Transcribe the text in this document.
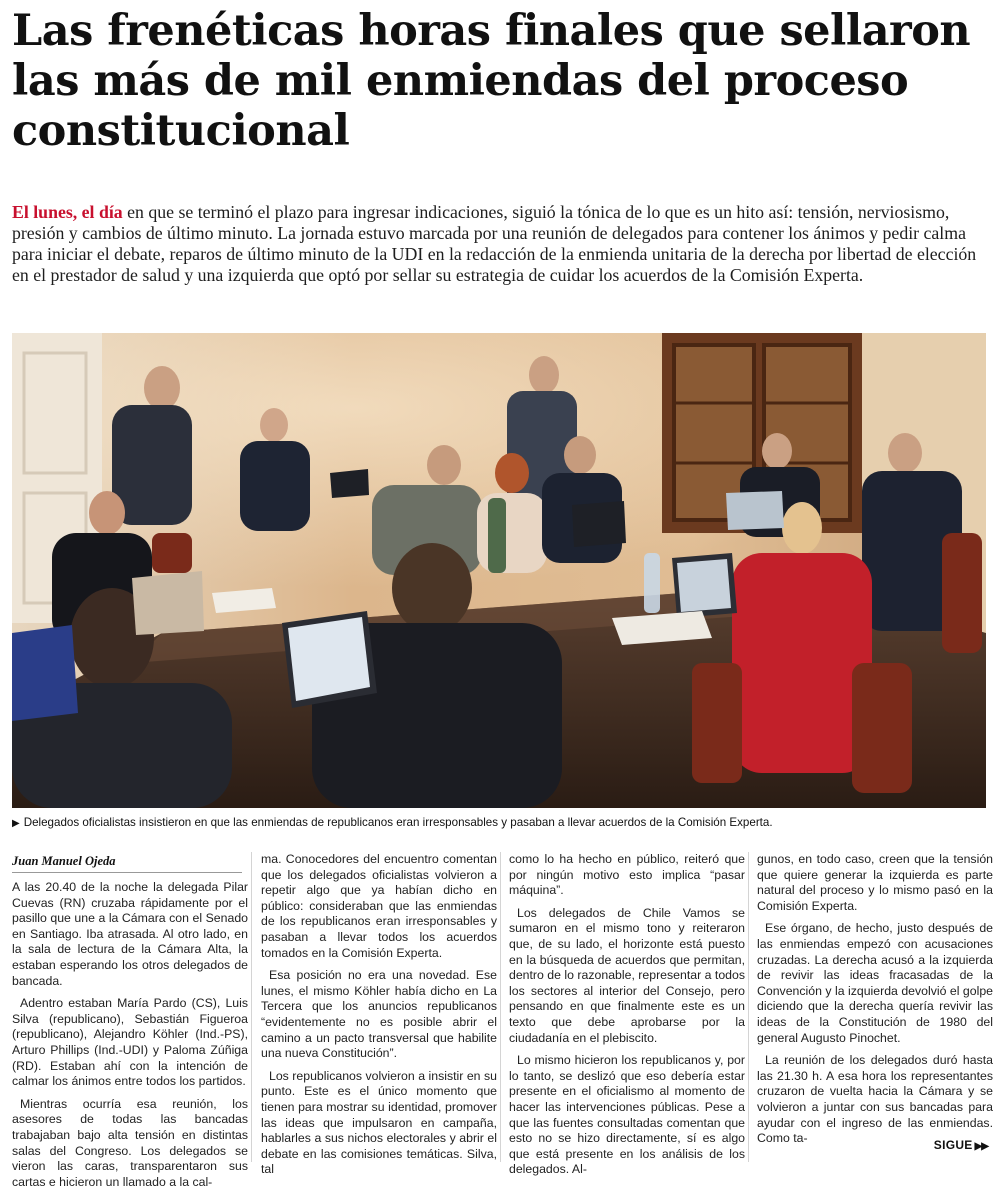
Las frenéticas horas finales que sellaron las más de mil enmiendas del proceso constitucional

El lunes, el día en que se terminó el plazo para ingresar indicaciones, siguió la tónica de lo que es un hito así: tensión, nerviosismo, presión y cambios de último minuto. La jornada estuvo marcada por una reunión de delegados para contener los ánimos y pedir calma para iniciar el debate, reparos de último minuto de la UDI en la redacción de la enmienda unitaria de la derecha por libertad de elección en el prestador de salud y una izquierda que optó por sellar su estrategia de cuidar los acuerdos de la Comisión Experta.

▶ Delegados oficialistas insistieron en que las enmiendas de republicanos eran irresponsables y pasaban a llevar acuerdos de la Comisión Experta.
Juan Manuel Ojeda

A las 20.40 de la noche la delegada Pilar Cuevas (RN) cruzaba rápidamente por el pasillo que une a la Cámara con el Senado en Santiago. Iba atrasada. Al otro lado, en la sala de lectura de la Cámara Alta, la estaban esperando los otros delegados de bancada.

Adentro estaban María Pardo (CS), Luis Silva (republicano), Sebastián Figueroa (republicano), Alejandro Köhler (Ind.-PS), Arturo Phillips (Ind.-UDI) y Paloma Zúñiga (RD). Estaban ahí con la intención de calmar los ánimos entre todos los partidos.

Mientras ocurría esa reunión, los asesores de todas las bancadas trabajaban bajo alta tensión en distintas salas del Congreso. Los delegados se vieron las caras, transparentaron sus cartas e hicieron un llamado a la cal-

ma. Conocedores del encuentro comentan que los delegados oficialistas volvieron a repetir algo que ya habían dicho en público: consideraban que las enmiendas de los republicanos eran irresponsables y pasaban a llevar todos los acuerdos tomados en la Comisión Experta.

Esa posición no era una novedad. Ese lunes, el mismo Köhler había dicho en La Tercera que los anuncios republicanos “evidentemente no es posible abrir el camino a un pacto transversal que habilite una nueva Constitución”.

Los republicanos volvieron a insistir en su punto. Este es el único momento que tienen para mostrar su identidad, promover las ideas que impulsaron en campaña, hablarles a sus nichos electorales y abrir el debate en las comisiones temáticas. Silva, tal

como lo ha hecho en público, reiteró que por ningún motivo esto implica “pasar máquina”.

Los delegados de Chile Vamos se sumaron en el mismo tono y reiteraron que, de su lado, el horizonte está puesto en la búsqueda de acuerdos que permitan, dentro de lo razonable, representar a todos los sectores al interior del Consejo, pero pensando en que finalmente este es un texto que debe aprobarse por la ciudadanía en el plebiscito.

Lo mismo hicieron los republicanos y, por lo tanto, se deslizó que eso debería estar presente en el oficialismo al momento de hacer las intervenciones públicas. Pese a que las fuentes consultadas comentan que esto no se hizo directamente, sí es algo que está presente en los análisis de los delegados. Al-

gunos, en todo caso, creen que la tensión que quiere generar la izquierda es parte natural del proceso y lo mismo pasó en la Comisión Experta.

Ese órgano, de hecho, justo después de las enmiendas empezó con acusaciones cruzadas. La derecha acusó a la izquierda de revivir las ideas fracasadas de la Convención y la izquierda devolvió el golpe diciendo que la derecha quería revivir las ideas de la Constitución de 1980 del general Augusto Pinochet.

La reunión de los delegados duró hasta las 21.30 h. A esa hora los representantes cruzaron de vuelta hacia la Cámara y se volvieron a juntar con sus bancadas para ayudar con el ingreso de las enmiendas. Como ta-	SIGUE ▶▶
